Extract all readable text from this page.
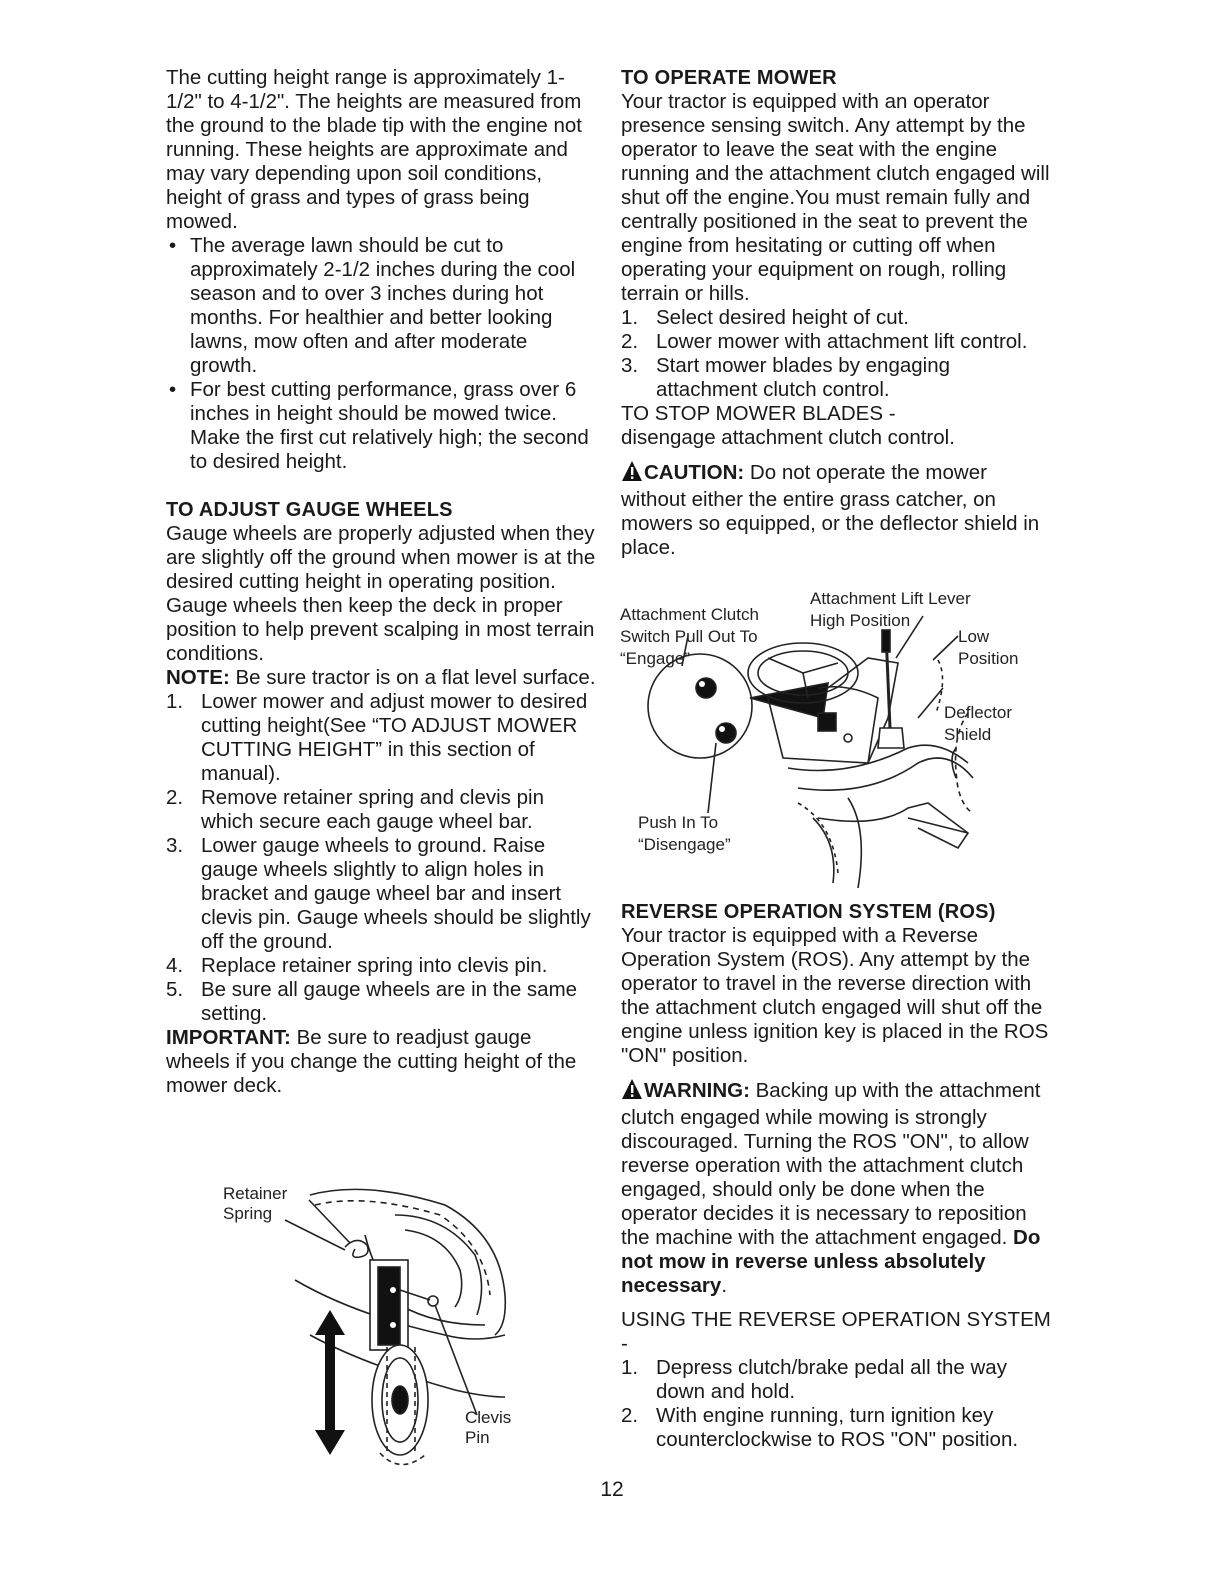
The cutting height range is approximately 1-1/2" to 4-1/2". The heights are measured from the ground to the blade tip with the engine not running. These heights are approximate and may vary depending upon soil conditions, height of grass and types of grass being mowed.

• The average lawn should be cut to approximately 2-1/2 inches during the cool season and to over 3 inches during hot months. For healthier and better looking lawns, mow often and after moderate growth.
• For best cutting performance, grass over 6 inches in height should be mowed twice. Make the first cut relatively high; the second to desired height.
TO ADJUST GAUGE WHEELS

Gauge wheels are properly adjusted when they are slightly off the ground when mower is at the desired cutting height in operating position. Gauge wheels then keep the deck in proper position to help prevent scalping in most terrain conditions.

NOTE: Be sure tractor is on a flat level surface.

1. Lower mower and adjust mower to desired cutting height(See “TO ADJUST MOWER CUTTING HEIGHT” in this section of manual).
2. Remove retainer spring and clevis pin which secure each gauge wheel bar.
3. Lower gauge wheels to ground. Raise gauge wheels slightly to align holes in bracket and gauge wheel bar and insert clevis pin. Gauge wheels should be slightly off the ground.
4. Replace retainer spring into clevis pin.
5. Be sure all gauge wheels are in the same setting.

IMPORTANT: Be sure to readjust gauge wheels if you change the cutting height of the mower deck.

Retainer
Spring
Clevis
Pin
TO OPERATE MOWER

Your tractor is equipped with an operator presence sensing switch. Any attempt by the operator to leave the seat with the engine running and the attachment clutch engaged will shut off the engine.You must remain fully and centrally positioned in the seat to prevent the engine from hesitating or cutting off when operating your equipment on rough, rolling terrain or hills.

1. Select desired height of cut.
2. Lower mower with attachment lift control.
3. Start mower blades by engaging attachment clutch control.

TO STOP MOWER BLADES -

disengage attachment clutch control.

CAUTION: Do not operate the mower without either the entire grass catcher, on mowers so equipped, or the deflector shield in place.

Attachment Lift Lever
Attachment Clutch
Switch Pull Out To
“Engage”
High Position
Low
Position
Deflector
Shield
Push In To
“Disengage”
REVERSE OPERATION SYSTEM (ROS)

Your tractor is equipped with a Reverse Operation System (ROS). Any attempt by the operator to travel in the reverse direction with the attachment clutch engaged will shut off the engine unless ignition key is placed in the ROS "ON" position.

WARNING: Backing up with the attachment clutch engaged while mowing is strongly discouraged. Turning the ROS "ON", to allow reverse operation with the attachment clutch engaged, should only be done when the operator decides it is necessary to reposition the machine with the attachment engaged. Do not mow in reverse unless absolutely necessary.

USING THE REVERSE OPERATION SYSTEM -

1. Depress clutch/brake pedal all the way down and hold.
2. With engine running, turn ignition key counterclockwise to ROS "ON" position.
12
